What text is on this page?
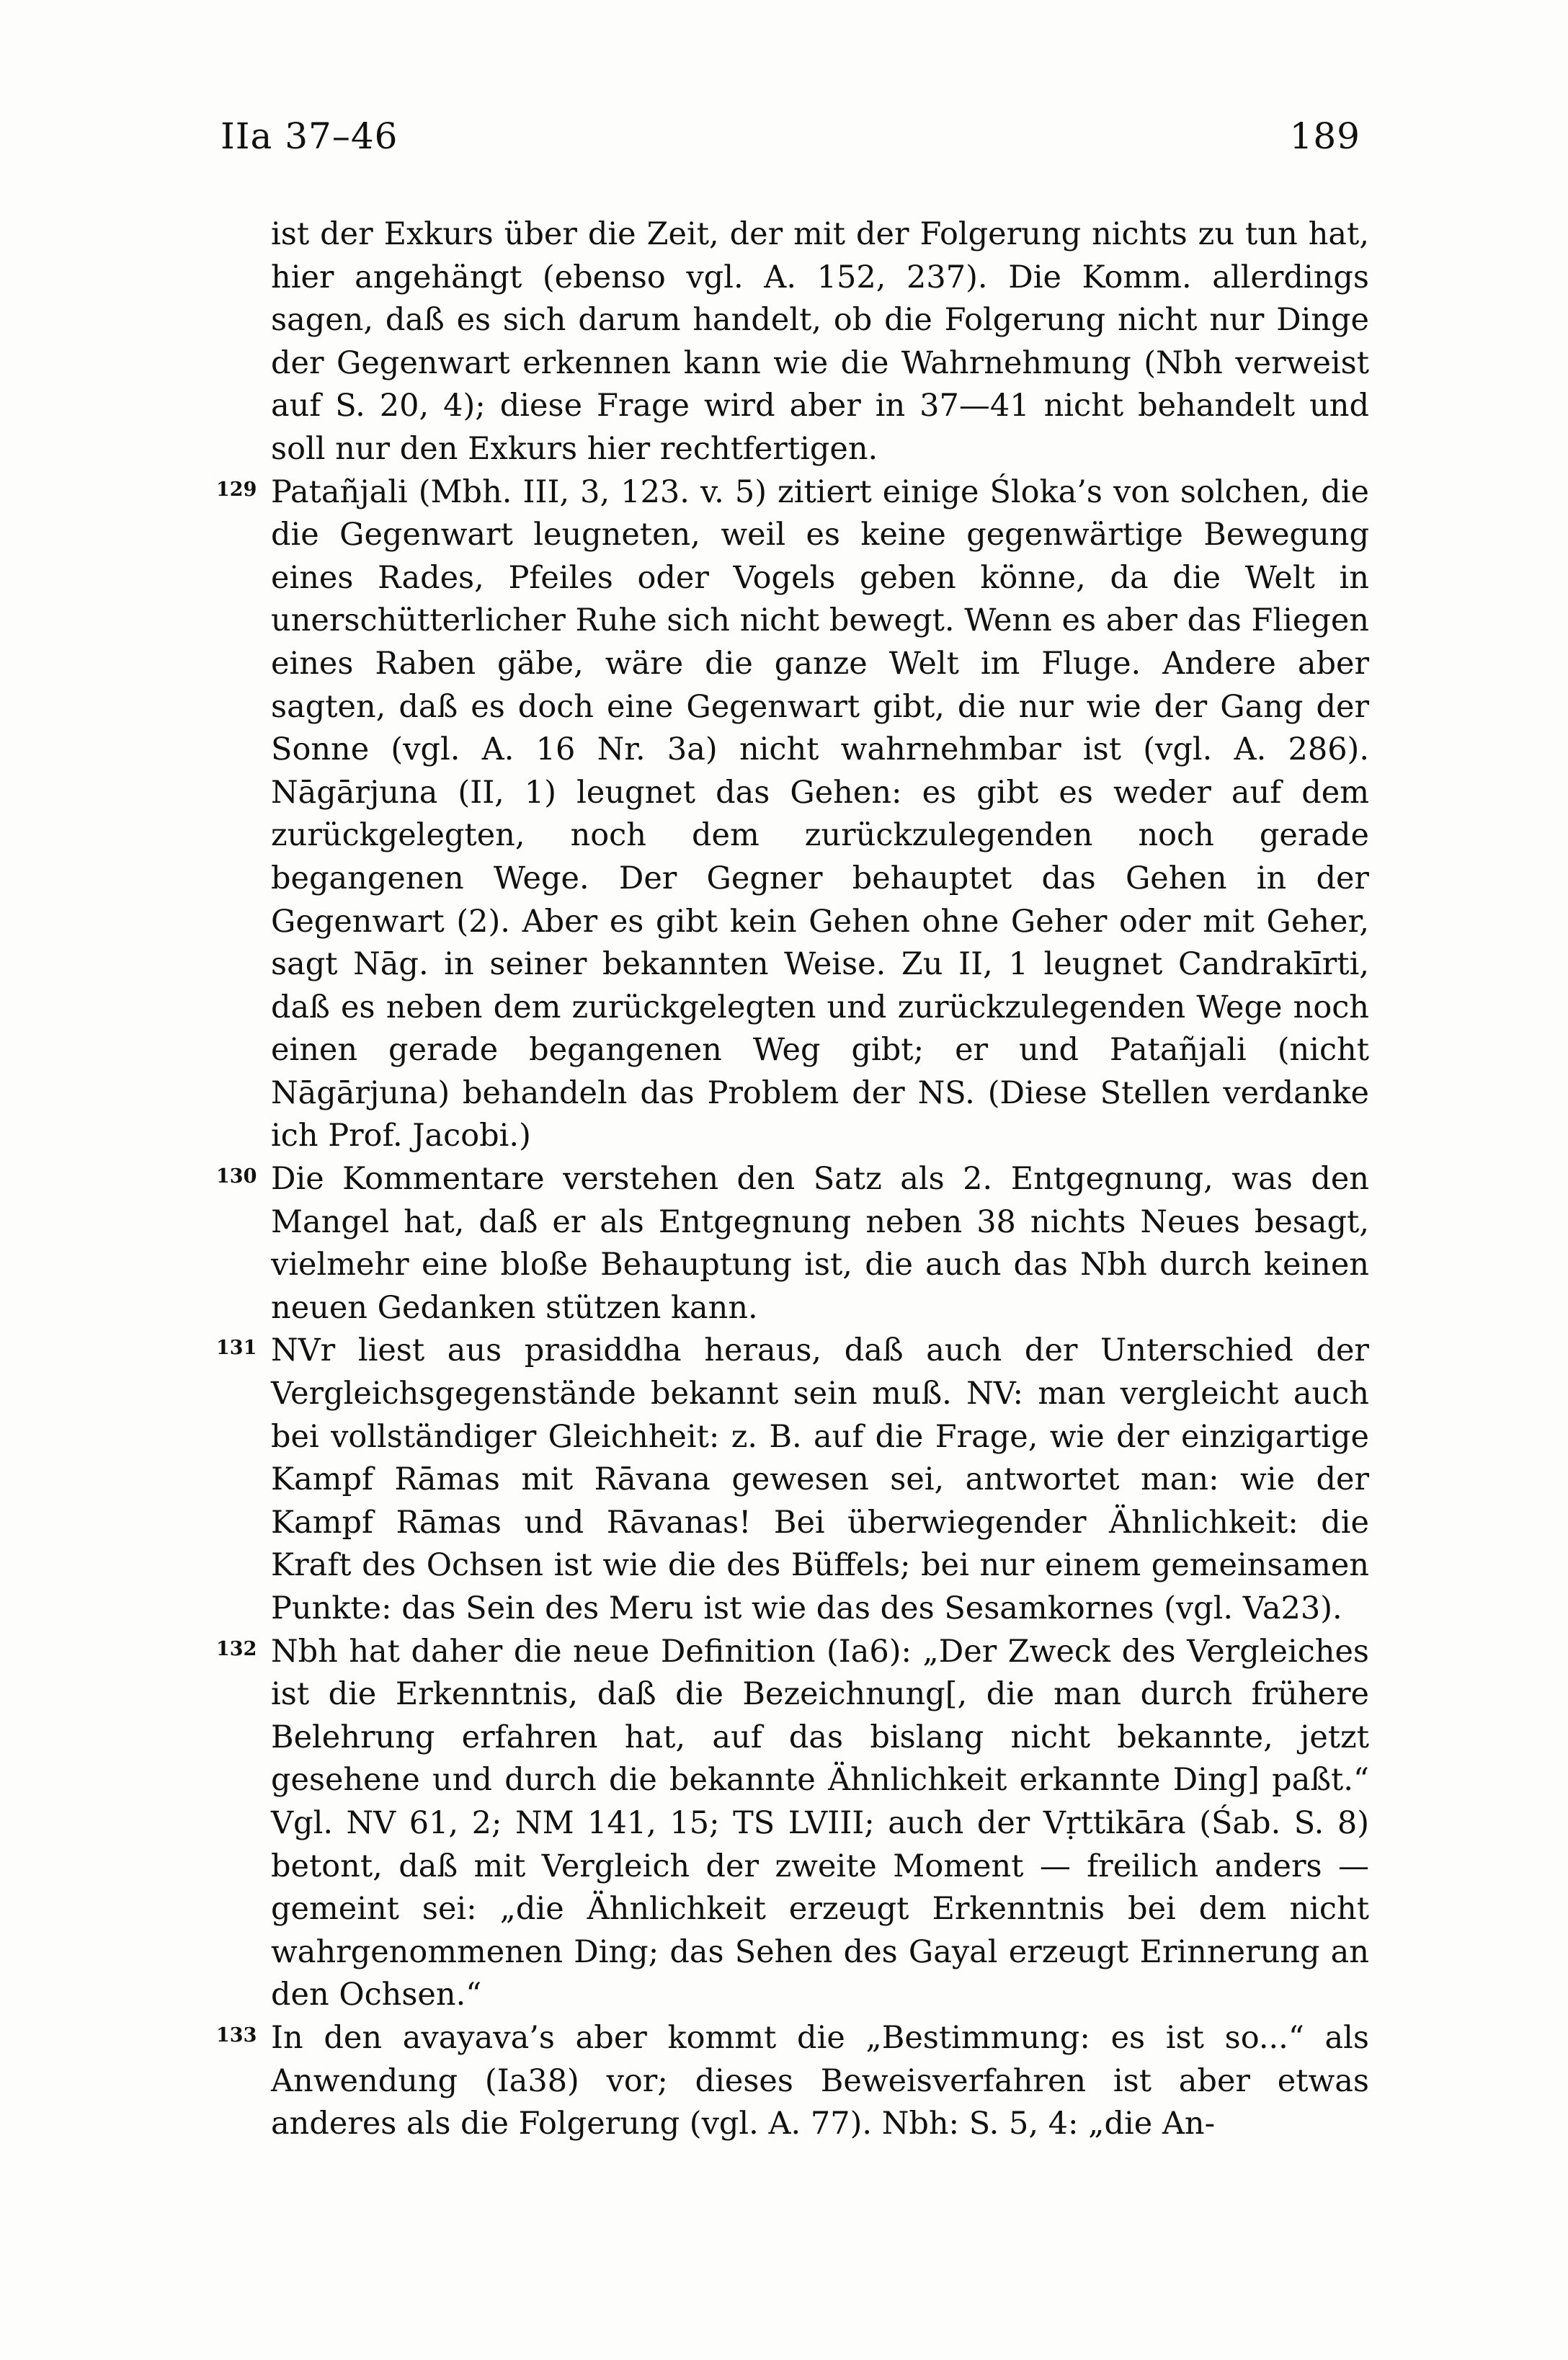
IIa 37–46	189

ist der Exkurs über die Zeit, der mit der Folgerung nichts zu tun hat, hier angehängt (ebenso vgl. A. 152, 237). Die Komm. allerdings sagen, daß es sich darum handelt, ob die Folgerung nicht nur Dinge der Gegenwart erkennen kann wie die Wahrnehmung (Nbh verweist auf S. 20, 4); diese Frage wird aber in 37—41 nicht behandelt und soll nur den Exkurs hier rechtfertigen.

129 Patañjali (Mbh. III, 3, 123. v. 5) zitiert einige Śloka’s von solchen, die die Gegenwart leugneten, weil es keine gegenwärtige Bewegung eines Rades, Pfeiles oder Vogels geben könne, da die Welt in unerschütterlicher Ruhe sich nicht bewegt. Wenn es aber das Fliegen eines Raben gäbe, wäre die ganze Welt im Fluge. Andere aber sagten, daß es doch eine Gegenwart gibt, die nur wie der Gang der Sonne (vgl. A. 16 Nr. 3a) nicht wahrnehmbar ist (vgl. A. 286). Nāgārjuna (II, 1) leugnet das Gehen: es gibt es weder auf dem zurückgelegten, noch dem zurückzulegenden noch gerade begangenen Wege. Der Gegner behauptet das Gehen in der Gegenwart (2). Aber es gibt kein Gehen ohne Geher oder mit Geher, sagt Nāg. in seiner bekannten Weise. Zu II, 1 leugnet Candrakīrti, daß es neben dem zurückgelegten und zurückzulegenden Wege noch einen gerade begangenen Weg gibt; er und Patañjali (nicht Nāgārjuna) behandeln das Problem der NS. (Diese Stellen verdanke ich Prof. Jacobi.)
130 Die Kommentare verstehen den Satz als 2. Entgegnung, was den Mangel hat, daß er als Entgegnung neben 38 nichts Neues besagt, vielmehr eine bloße Behauptung ist, die auch das Nbh durch keinen neuen Gedanken stützen kann.
131 NVr liest aus prasiddha heraus, daß auch der Unterschied der Vergleichsgegenstände bekannt sein muß. NV: man vergleicht auch bei vollständiger Gleichheit: z. B. auf die Frage, wie der einzigartige Kampf Rāmas mit Rāvana gewesen sei, antwortet man: wie der Kampf Rāmas und Rāvanas! Bei überwiegender Ähnlichkeit: die Kraft des Ochsen ist wie die des Büffels; bei nur einem gemeinsamen Punkte: das Sein des Meru ist wie das des Sesamkornes (vgl. Va23).
132 Nbh hat daher die neue Definition (Ia6): „Der Zweck des Vergleiches ist die Erkenntnis, daß die Bezeichnung[, die man durch frühere Belehrung erfahren hat, auf das bislang nicht bekannte, jetzt gesehene und durch die bekannte Ähnlichkeit erkannte Ding] paßt.“ Vgl. NV 61, 2; NM 141, 15; TS LVIII; auch der Vṛttikāra (Śab. S. 8) betont, daß mit Vergleich der zweite Moment — freilich anders — gemeint sei: „die Ähnlichkeit erzeugt Erkenntnis bei dem nicht wahrgenommenen Ding; das Sehen des Gayal erzeugt Erinnerung an den Ochsen.“
133 In den avayava’s aber kommt die „Bestimmung: es ist so...“ als Anwendung (Ia38) vor; dieses Beweisverfahren ist aber etwas anderes als die Folgerung (vgl. A. 77). Nbh: S. 5, 4: „die An-
